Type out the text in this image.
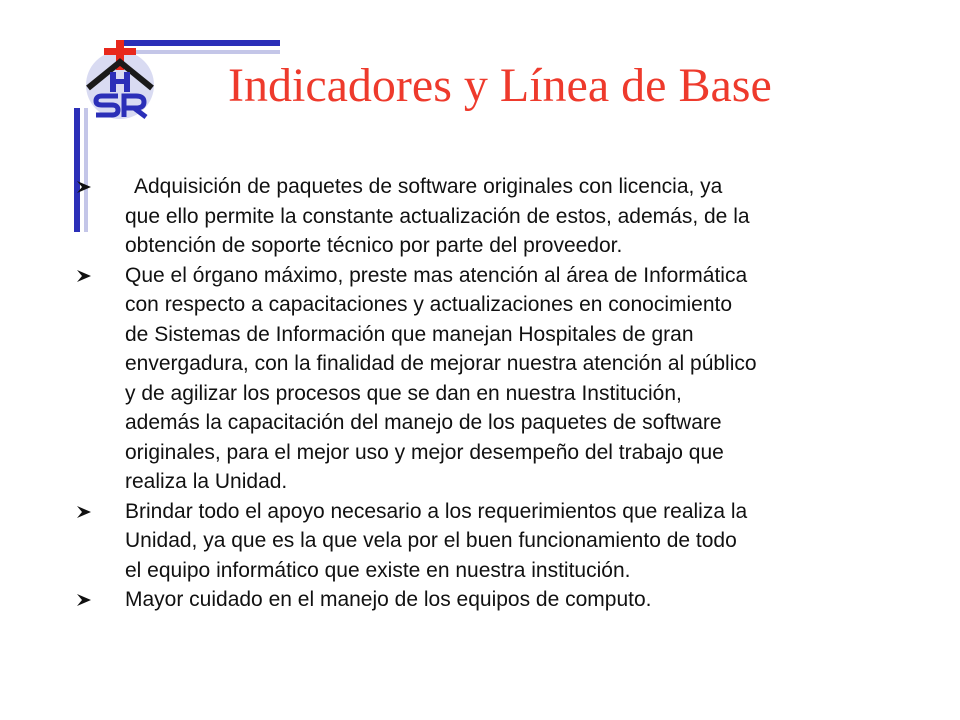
Indicadores y Línea de Base
Adquisición de paquetes de software originales con licencia, ya
que ello permite la constante actualización de estos, además, de la
obtención de soporte técnico por parte del proveedor.
Que el órgano máximo, preste mas atención al área de Informática
con respecto a capacitaciones y actualizaciones en conocimiento
de Sistemas de Información que manejan Hospitales de gran
envergadura, con la finalidad de mejorar nuestra atención al público
y de agilizar los procesos que se dan en nuestra Institución,
además la capacitación del manejo de los paquetes de software
originales, para el mejor uso y mejor desempeño del trabajo que
realiza la Unidad.
Brindar todo el apoyo necesario a los requerimientos que realiza la
Unidad, ya que es la que vela por el buen funcionamiento de todo
el equipo informático que existe en nuestra institución.
Mayor cuidado en el manejo de los equipos de computo.
